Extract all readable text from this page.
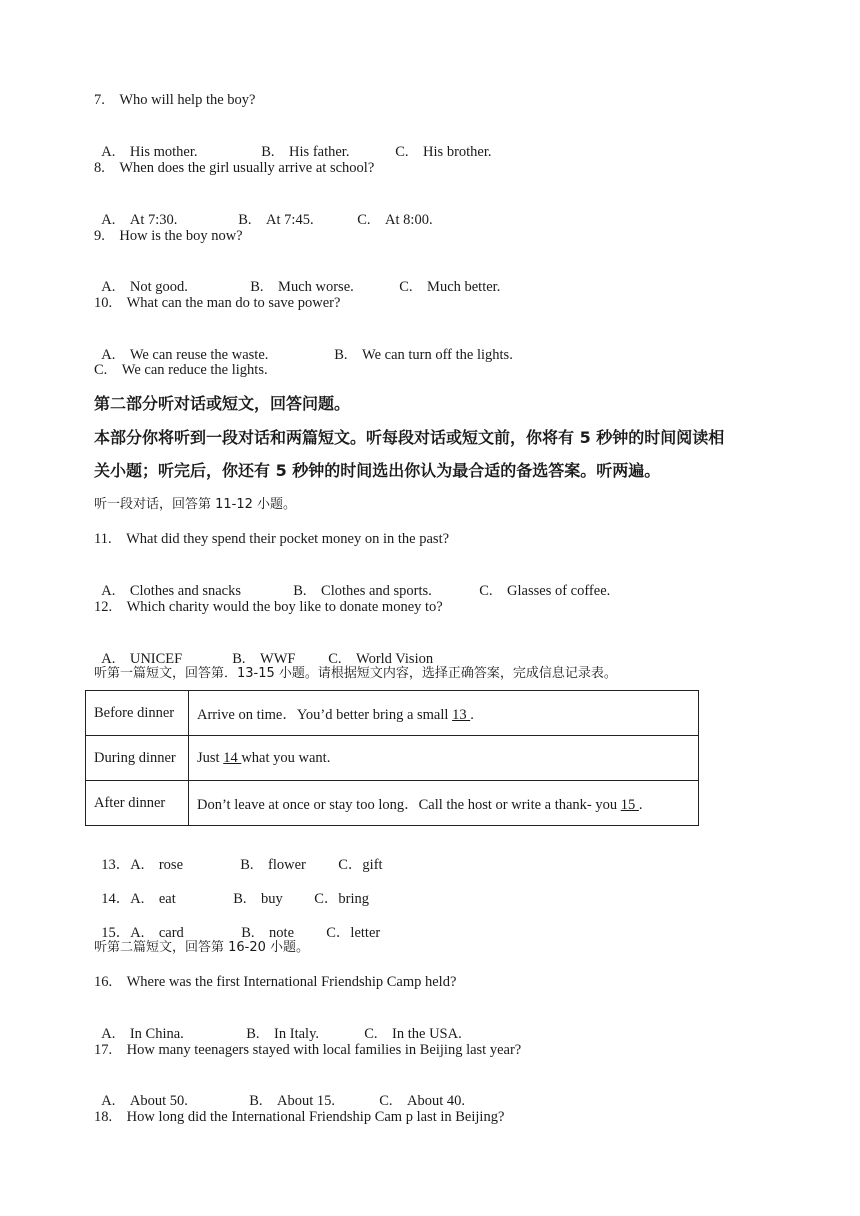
7.　Who will help the boy?

A.　His mother.	B.　His father.	C.　His brother.

8.　When does the girl usually arrive at school?

A.　At 7:30.	B.　At 7:45.	C.　At 8:00.

9.　How is the boy now?

A.　Not good.	B.　Much worse.	C.　Much better.

10.　What can the man do to save power?

A.　We can reuse the waste.	B.　We can turn off the lights.

C.　We can reduce the lights.
第二部分听对话或短文，回答问题。
本部分你将听到一段对话和两篇短文。听每段对话或短文前，你将有 5 秒钟的时间阅读相
关小题；听完后，你还有 5 秒钟的时间选出你认为最合适的备选答案。听两遍。
听一段对话，回答第 11-12 小题。
11.　What did they spend their pocket money on in the past?

A.　Clothes and snacks	B.　Clothes and sports.	C.　Glasses of coffee.

12.　Which charity would the boy like to donate money to?

A.　UNICEF	B.　WWF C.　World Vision

听第一篇短文，回答第．13-15 小题。请根据短文内容，选择正确答案，完成信息记录表。
Before dinner	Arrive on time．You’d better bring a small 13 .
During dinner	Just 14 what you want.
After dinner	Don’t leave at once or stay too long．Call the host or write a thank- you 15 .

13．A.　rose	B.　flower C．gift

14．A.　eat	B.　buy C．bring

15．A.　card	B.　note C．letter

听第二篇短文，回答第 16-20 小题。
16.　Where was the first International Friendship Camp held?

A.　In China.	B.　In Italy.	C.　In the USA.

17.　How many teenagers stayed with local families in Beijing last year?

A.　About 50.	B.　About 15.	C.　About 40.

18.　How long did the International Friendship Cam p last in Beijing?
